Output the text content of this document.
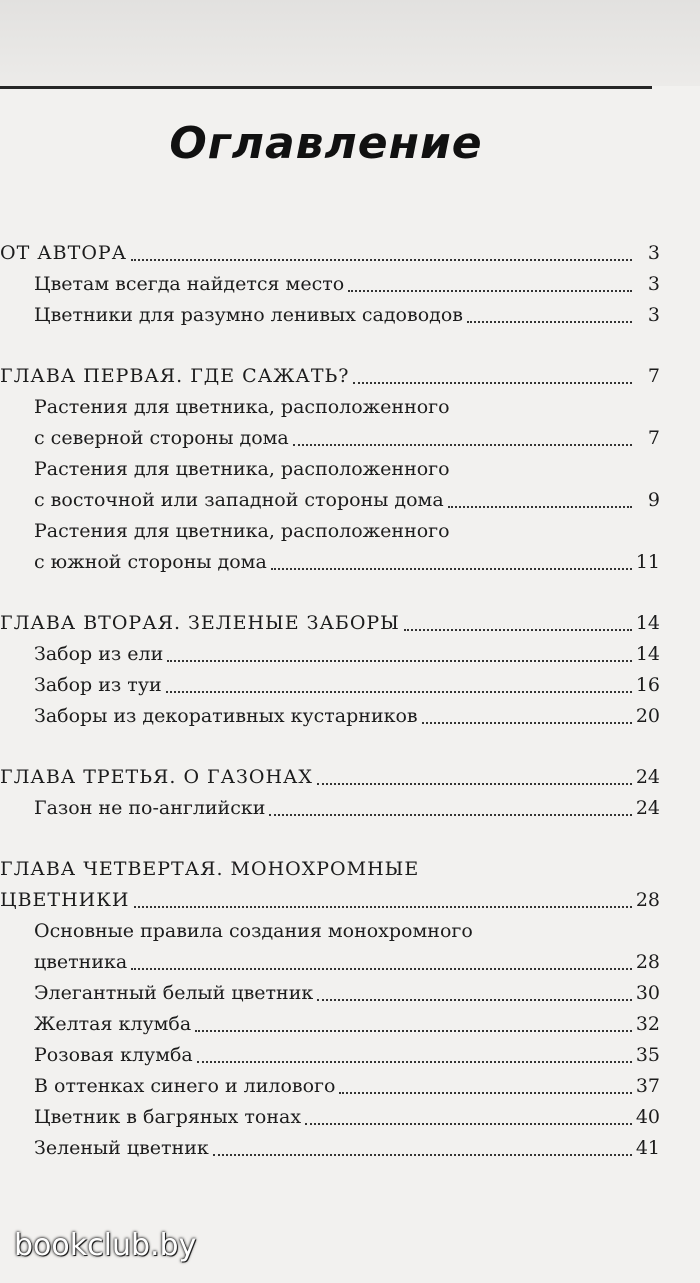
Оглавление
ОТ АВТОРА	3
Цветам всегда найдется место	3
Цветники для разумно ленивых садоводов	3
ГЛАВА ПЕРВАЯ. ГДЕ САЖАТЬ?	7
Растения для цветника, расположенного
с северной стороны дома	7
Растения для цветника, расположенного
с восточной или западной стороны дома	9
Растения для цветника, расположенного
с южной стороны дома	11
ГЛАВА ВТОРАЯ. ЗЕЛЕНЫЕ ЗАБОРЫ	14
Забор из ели	14
Забор из туи	16
Заборы из декоративных кустарников	20
ГЛАВА ТРЕТЬЯ. О ГАЗОНАХ	24
Газон не по-английски	24
ГЛАВА ЧЕТВЕРТАЯ. МОНОХРОМНЫЕ
ЦВЕТНИКИ	28
Основные правила создания монохромного
цветника	28
Элегантный белый цветник	30
Желтая клумба	32
Розовая клумба	35
В оттенках синего и лилового	37
Цветник в багряных тонах	40
Зеленый цветник	41
bookclub.by
